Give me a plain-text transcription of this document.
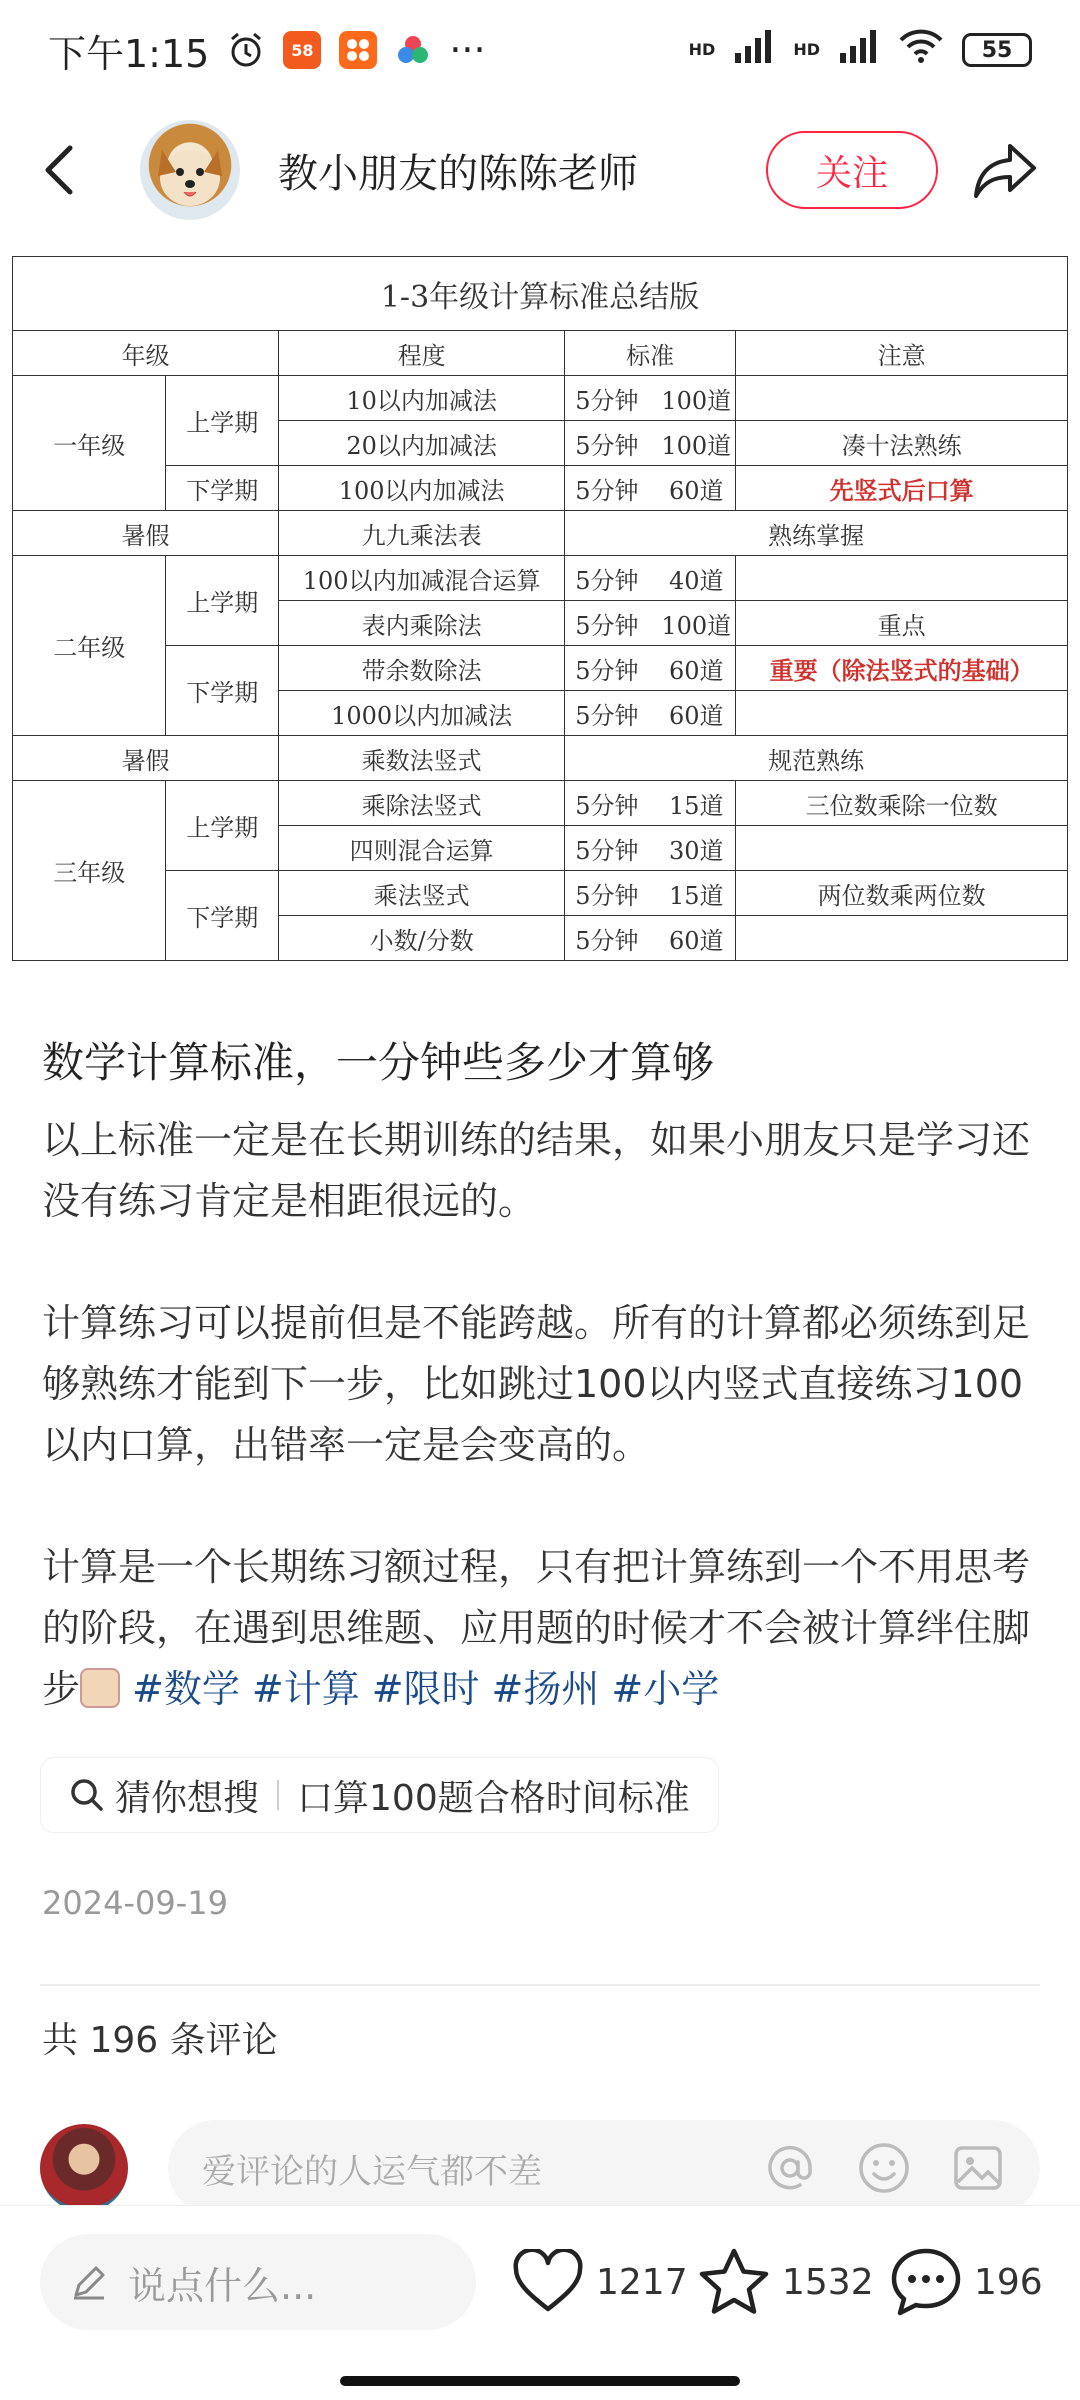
下午1:15	58	···	HD	HD	55
教小朋友的陈陈老师	关注
1-3年级计算标准总结版				
年级		程度	标准	注意
一年级	上学期	10以内加减法	5分钟   100道	
		20以内加减法	5分钟   100道	凑十法熟练
	下学期	100以内加减法	5分钟    60道	先竖式后口算
暑假		九九乘法表	熟练掌握	
二年级	上学期	100以内加减混合运算	5分钟    40道	
		表内乘除法	5分钟   100道	重点
	下学期	带余数除法	5分钟    60道	重要（除法竖式的基础）
		1000以内加减法	5分钟    60道	
暑假		乘数法竖式	规范熟练	
三年级	上学期	乘除法竖式	5分钟    15道	三位数乘除一位数
		四则混合运算	5分钟    30道	
	下学期	乘法竖式	5分钟    15道	两位数乘两位数
		小数/分数	5分钟    60道	
数学计算标准，一分钟些多少才算够

以上标准一定是在长期训练的结果，如果小朋友只是学习还没有练习肯定是相距很远的。

计算练习可以提前但是不能跨越。所有的计算都必须练到足够熟练才能到下一步，比如跳过100以内竖式直接练习100以内口算，出错率一定是会变高的。

计算是一个长期练习额过程，只有把计算练到一个不用思考的阶段，在遇到思维题、应用题的时候才不会被计算绊住脚步 #数学 #计算 #限时 #扬州 #小学

猜你想搜 口算100题合格时间标准
2024-09-19
共 196 条评论
爱评论的人运气都不差
说点什么...	1217	1532	196
